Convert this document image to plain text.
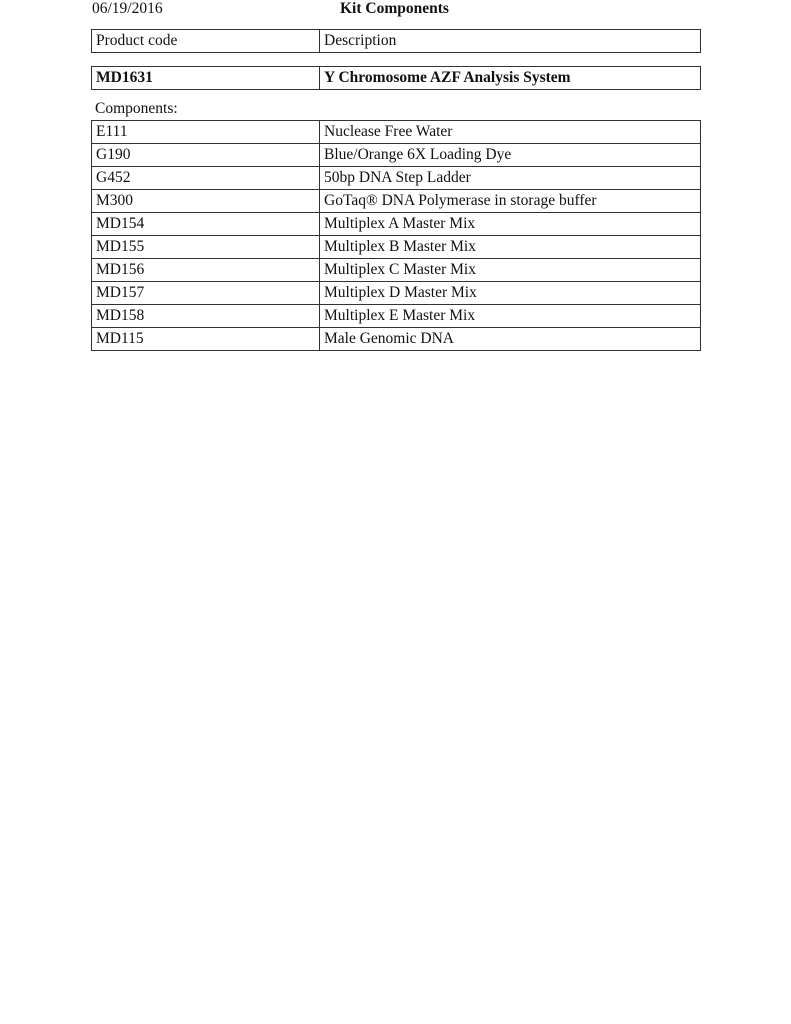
06/19/2016	Kit Components
Product code	Description
MD1631	Y Chromosome AZF Analysis System
Components:
E111	Nuclease Free Water
G190	Blue/Orange 6X Loading Dye
G452	50bp DNA Step Ladder
M300	GoTaq® DNA Polymerase in storage buffer
MD154	Multiplex A Master Mix
MD155	Multiplex B Master Mix
MD156	Multiplex C Master Mix
MD157	Multiplex D Master Mix
MD158	Multiplex E Master Mix
MD115	Male Genomic DNA
